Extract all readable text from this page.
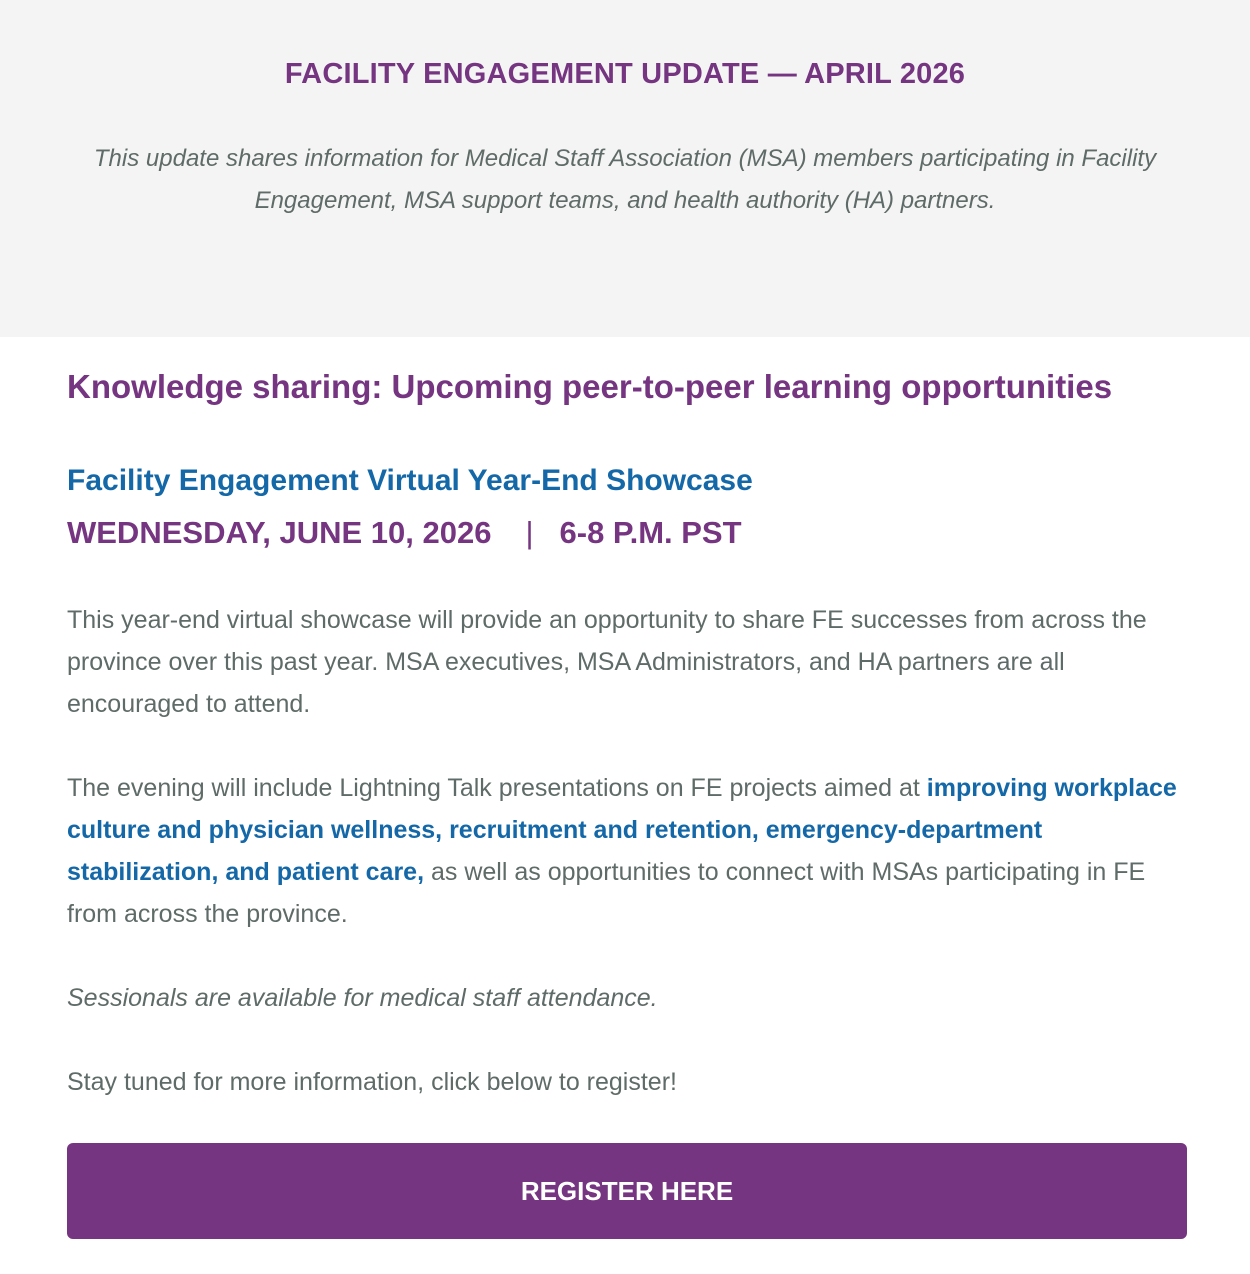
FACILITY ENGAGEMENT UPDATE — APRIL 2026

This update shares information for Medical Staff Association (MSA) members participating in Facility Engagement, MSA support teams, and health authority (HA) partners.

Knowledge sharing: Upcoming peer-to-peer learning opportunities
Facility Engagement Virtual Year-End Showcase
WEDNESDAY, JUNE 10, 2026 | 6-8 P.M. PST

This year-end virtual showcase will provide an opportunity to share FE successes from across the province over this past year. MSA executives, MSA Administrators, and HA partners are all encouraged to attend.

The evening will include Lightning Talk presentations on FE projects aimed at improving workplace culture and physician wellness, recruitment and retention, emergency-department stabilization, and patient care, as well as opportunities to connect with MSAs participating in FE from across the province.

Sessionals are available for medical staff attendance.

Stay tuned for more information, click below to register!

REGISTER HERE
